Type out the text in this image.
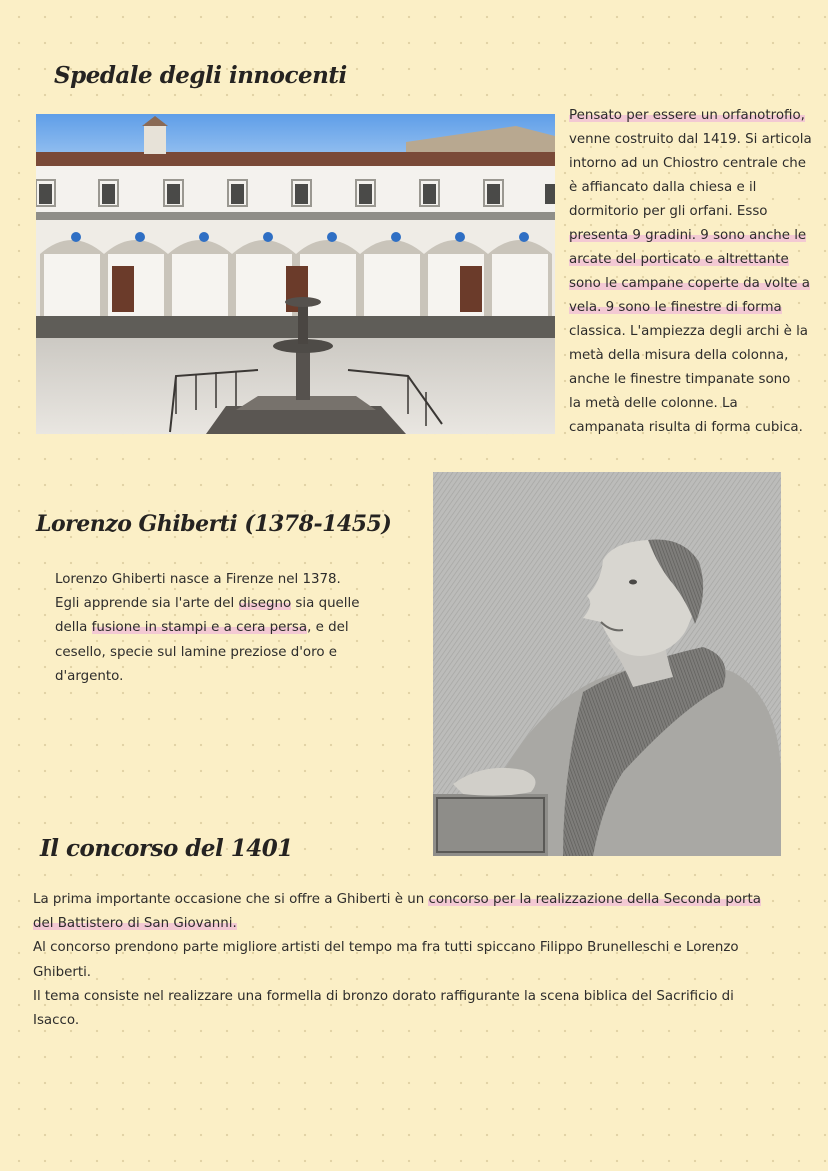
Spedale degli innocenti
Pensato per essere un orfanotrofio,
venne costruito dal 1419. Si articola
intorno ad un Chiostro centrale che
è affiancato dalla chiesa e il
dormitorio per gli orfani. Esso
presenta 9 gradini. 9 sono anche le
arcate del porticato e altrettante
sono le campane coperte da volte a
vela. 9 sono le finestre di forma
classica. L'ampiezza degli archi è la
metà della misura della colonna,
anche le finestre timpanate sono
la metà delle colonne. La
campanata risulta di forma cubica.
Lorenzo Ghiberti (1378-1455)
Lorenzo Ghiberti nasce a Firenze nel 1378.
Egli apprende sia l'arte del disegno sia quelle
della fusione in stampi e a cera persa, e del
cesello, specie sul lamine preziose d'oro e
d'argento.
Il concorso del 1401
La prima importante occasione che si offre a Ghiberti è un concorso per la realizzazione della Seconda porta
del Battistero di San Giovanni.
Al concorso prendono parte migliore artisti del tempo ma fra tutti spiccano Filippo Brunelleschi e Lorenzo
Ghiberti.
Il tema consiste nel realizzare una formella di bronzo dorato raffigurante la scena biblica del Sacrificio di
Isacco.
